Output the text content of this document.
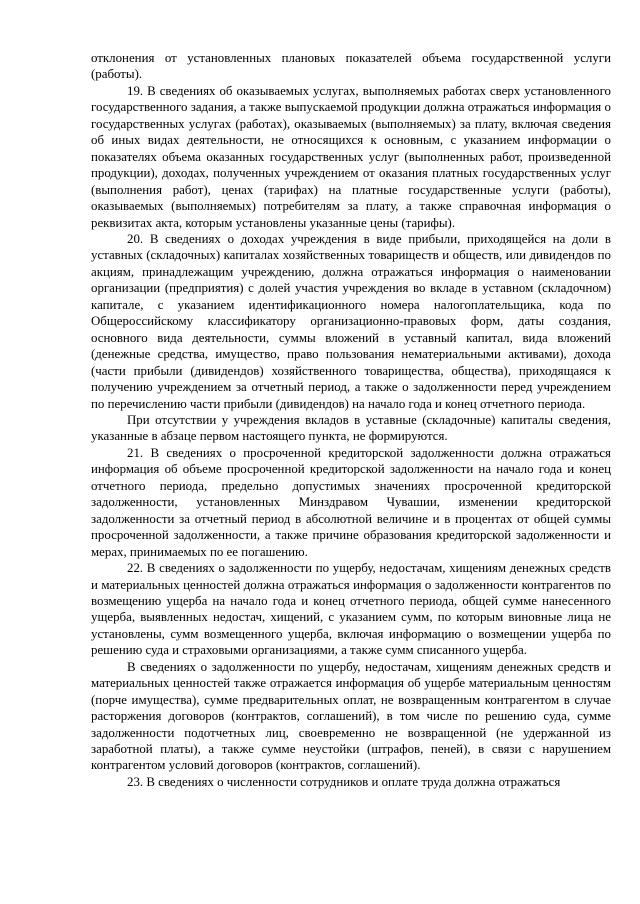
отклонения от установленных плановых показателей объема государственной услуги (работы).

19. В сведениях об оказываемых услугах, выполняемых работах сверх установленного государственного задания, а также выпускаемой продукции должна отражаться информация о государственных услугах (работах), оказываемых (выполняемых) за плату, включая сведения об иных видах деятельности, не относящихся к основным, с указанием информации о показателях объема оказанных государственных услуг (выполненных работ, произведенной продукции), доходах, полученных учреждением от оказания платных государственных услуг (выполнения работ), ценах (тарифах) на платные государственные услуги (работы), оказываемых (выполняемых) потребителям за плату, а также справочная информация о реквизитах акта, которым установлены указанные цены (тарифы).

20. В сведениях о доходах учреждения в виде прибыли, приходящейся на доли в уставных (складочных) капиталах хозяйственных товариществ и обществ, или дивидендов по акциям, принадлежащим учреждению, должна отражаться информация о наименовании организации (предприятия) с долей участия учреждения во вкладе в уставном (складочном) капитале, с указанием идентификационного номера налогоплательщика, кода по Общероссийскому классификатору организационно-правовых форм, даты создания, основного вида деятельности, суммы вложений в уставный капитал, вида вложений (денежные средства, имущество, право пользования нематериальными активами), дохода (части прибыли (дивидендов) хозяйственного товарищества, общества), приходящаяся к получению учреждением за отчетный период, а также о задолженности перед учреждением по перечислению части прибыли (дивидендов) на начало года и конец отчетного периода.

При отсутствии у учреждения вкладов в уставные (складочные) капиталы сведения, указанные в абзаце первом настоящего пункта, не формируются.

21. В сведениях о просроченной кредиторской задолженности должна отражаться информация об объеме просроченной кредиторской задолженности на начало года и конец отчетного периода, предельно допустимых значениях просроченной кредиторской задолженности, установленных Минздравом Чувашии, изменении кредиторской задолженности за отчетный период в абсолютной величине и в процентах от общей суммы просроченной задолженности, а также причине образования кредиторской задолженности и мерах, принимаемых по ее погашению.

22. В сведениях о задолженности по ущербу, недостачам, хищениям денежных средств и материальных ценностей должна отражаться информация о задолженности контрагентов по возмещению ущерба на начало года и конец отчетного периода, общей сумме нанесенного ущерба, выявленных недостач, хищений, с указанием сумм, по которым виновные лица не установлены, сумм возмещенного ущерба, включая информацию о возмещении ущерба по решению суда и страховыми организациями, а также сумм списанного ущерба.

В сведениях о задолженности по ущербу, недостачам, хищениям денежных средств и материальных ценностей также отражается информация об ущербе материальным ценностям (порче имущества), сумме предварительных оплат, не возвращенным контрагентом в случае расторжения договоров (контрактов, соглашений), в том числе по решению суда, сумме задолженности подотчетных лиц, своевременно не возвращенной (не удержанной из заработной платы), а также сумме неустойки (штрафов, пеней), в связи с нарушением контрагентом условий договоров (контрактов, соглашений).

23. В сведениях о численности сотрудников и оплате труда должна отражаться
